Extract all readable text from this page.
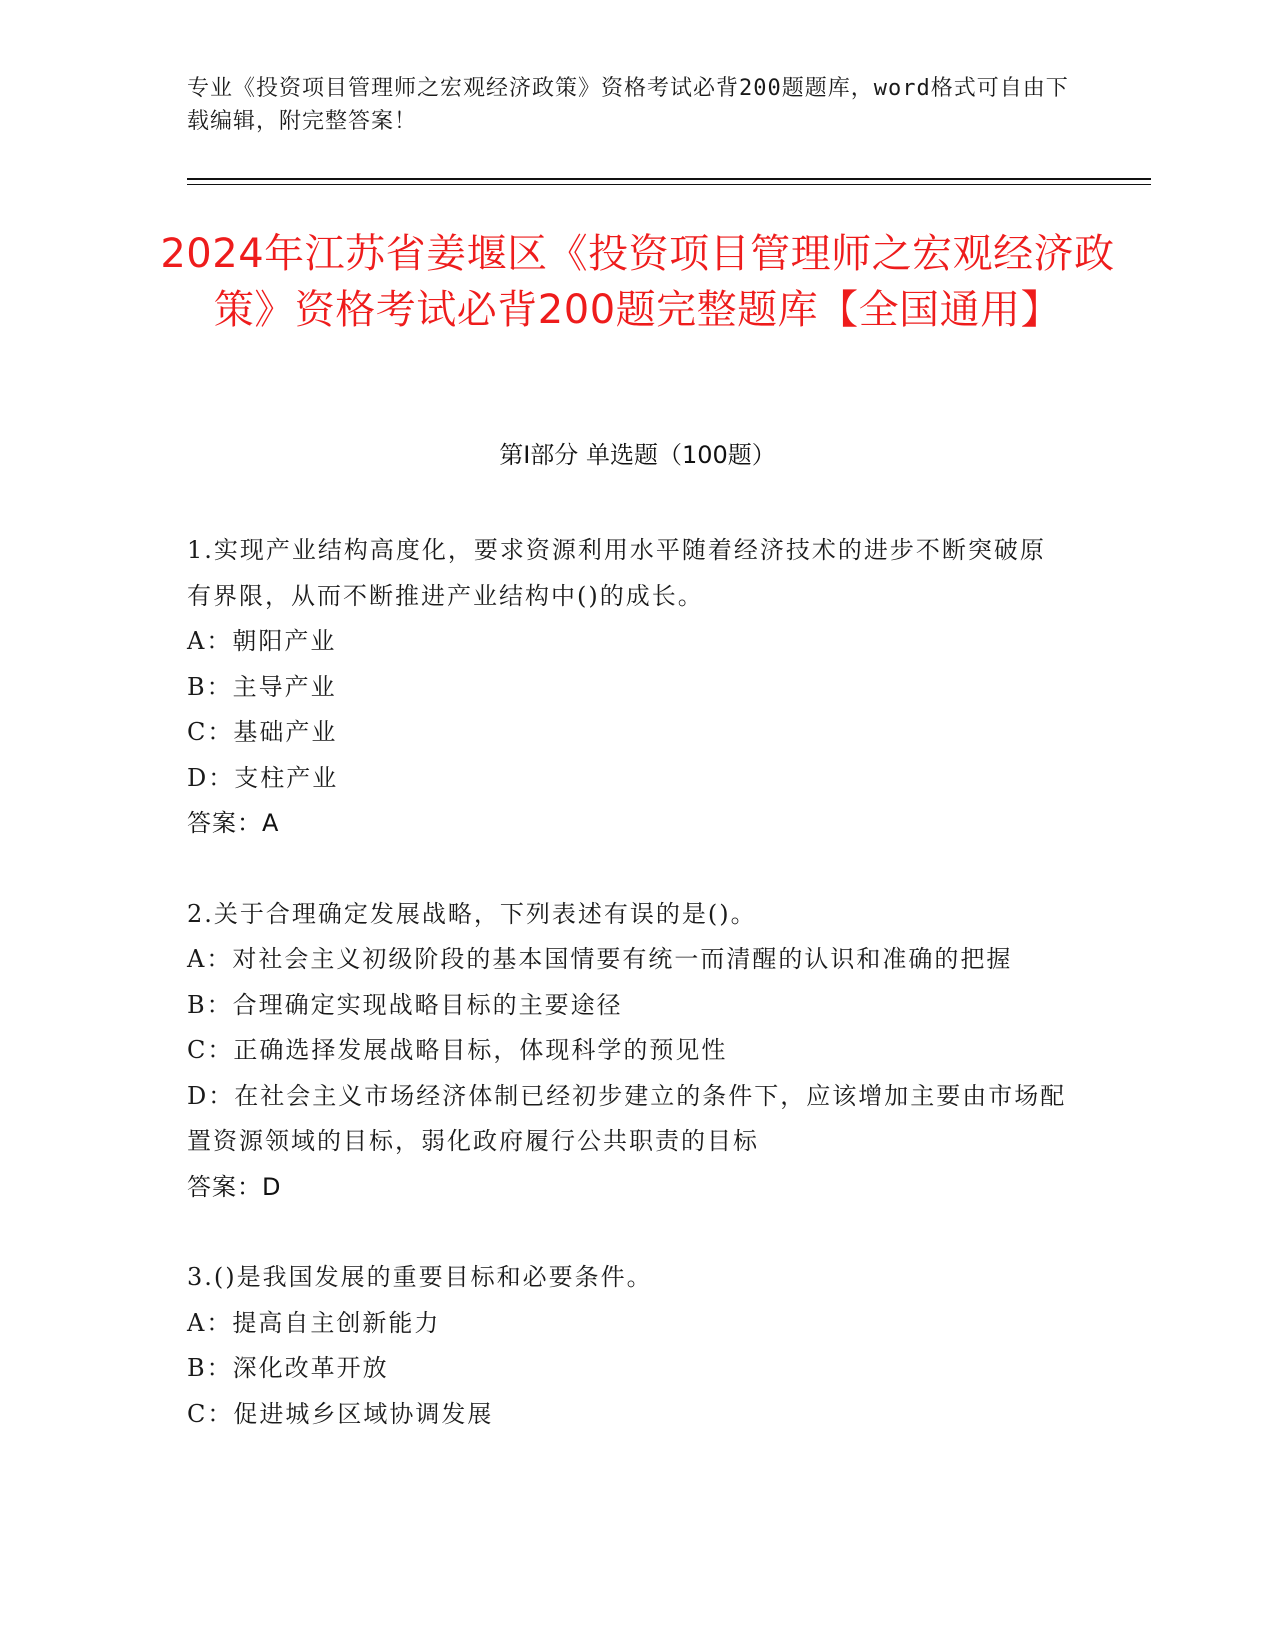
专业《投资项目管理师之宏观经济政策》资格考试必背200题题库，word格式可自由下载编辑，附完整答案！
2024年江苏省姜堰区《投资项目管理师之宏观经济政策》资格考试必背200题完整题库【全国通用】
第I部分 单选题（100题）

1.实现产业结构高度化，要求资源利用水平随着经济技术的进步不断突破原有界限，从而不断推进产业结构中()的成长。

A：朝阳产业

B：主导产业

C：基础产业

D：支柱产业

答案：A

2.关于合理确定发展战略，下列表述有误的是()。

A：对社会主义初级阶段的基本国情要有统一而清醒的认识和准确的把握

B：合理确定实现战略目标的主要途径

C：正确选择发展战略目标，体现科学的预见性

D：在社会主义市场经济体制已经初步建立的条件下，应该增加主要由市场配置资源领域的目标，弱化政府履行公共职责的目标

答案：D

3.()是我国发展的重要目标和必要条件。

A：提高自主创新能力

B：深化改革开放

C：促进城乡区域协调发展
